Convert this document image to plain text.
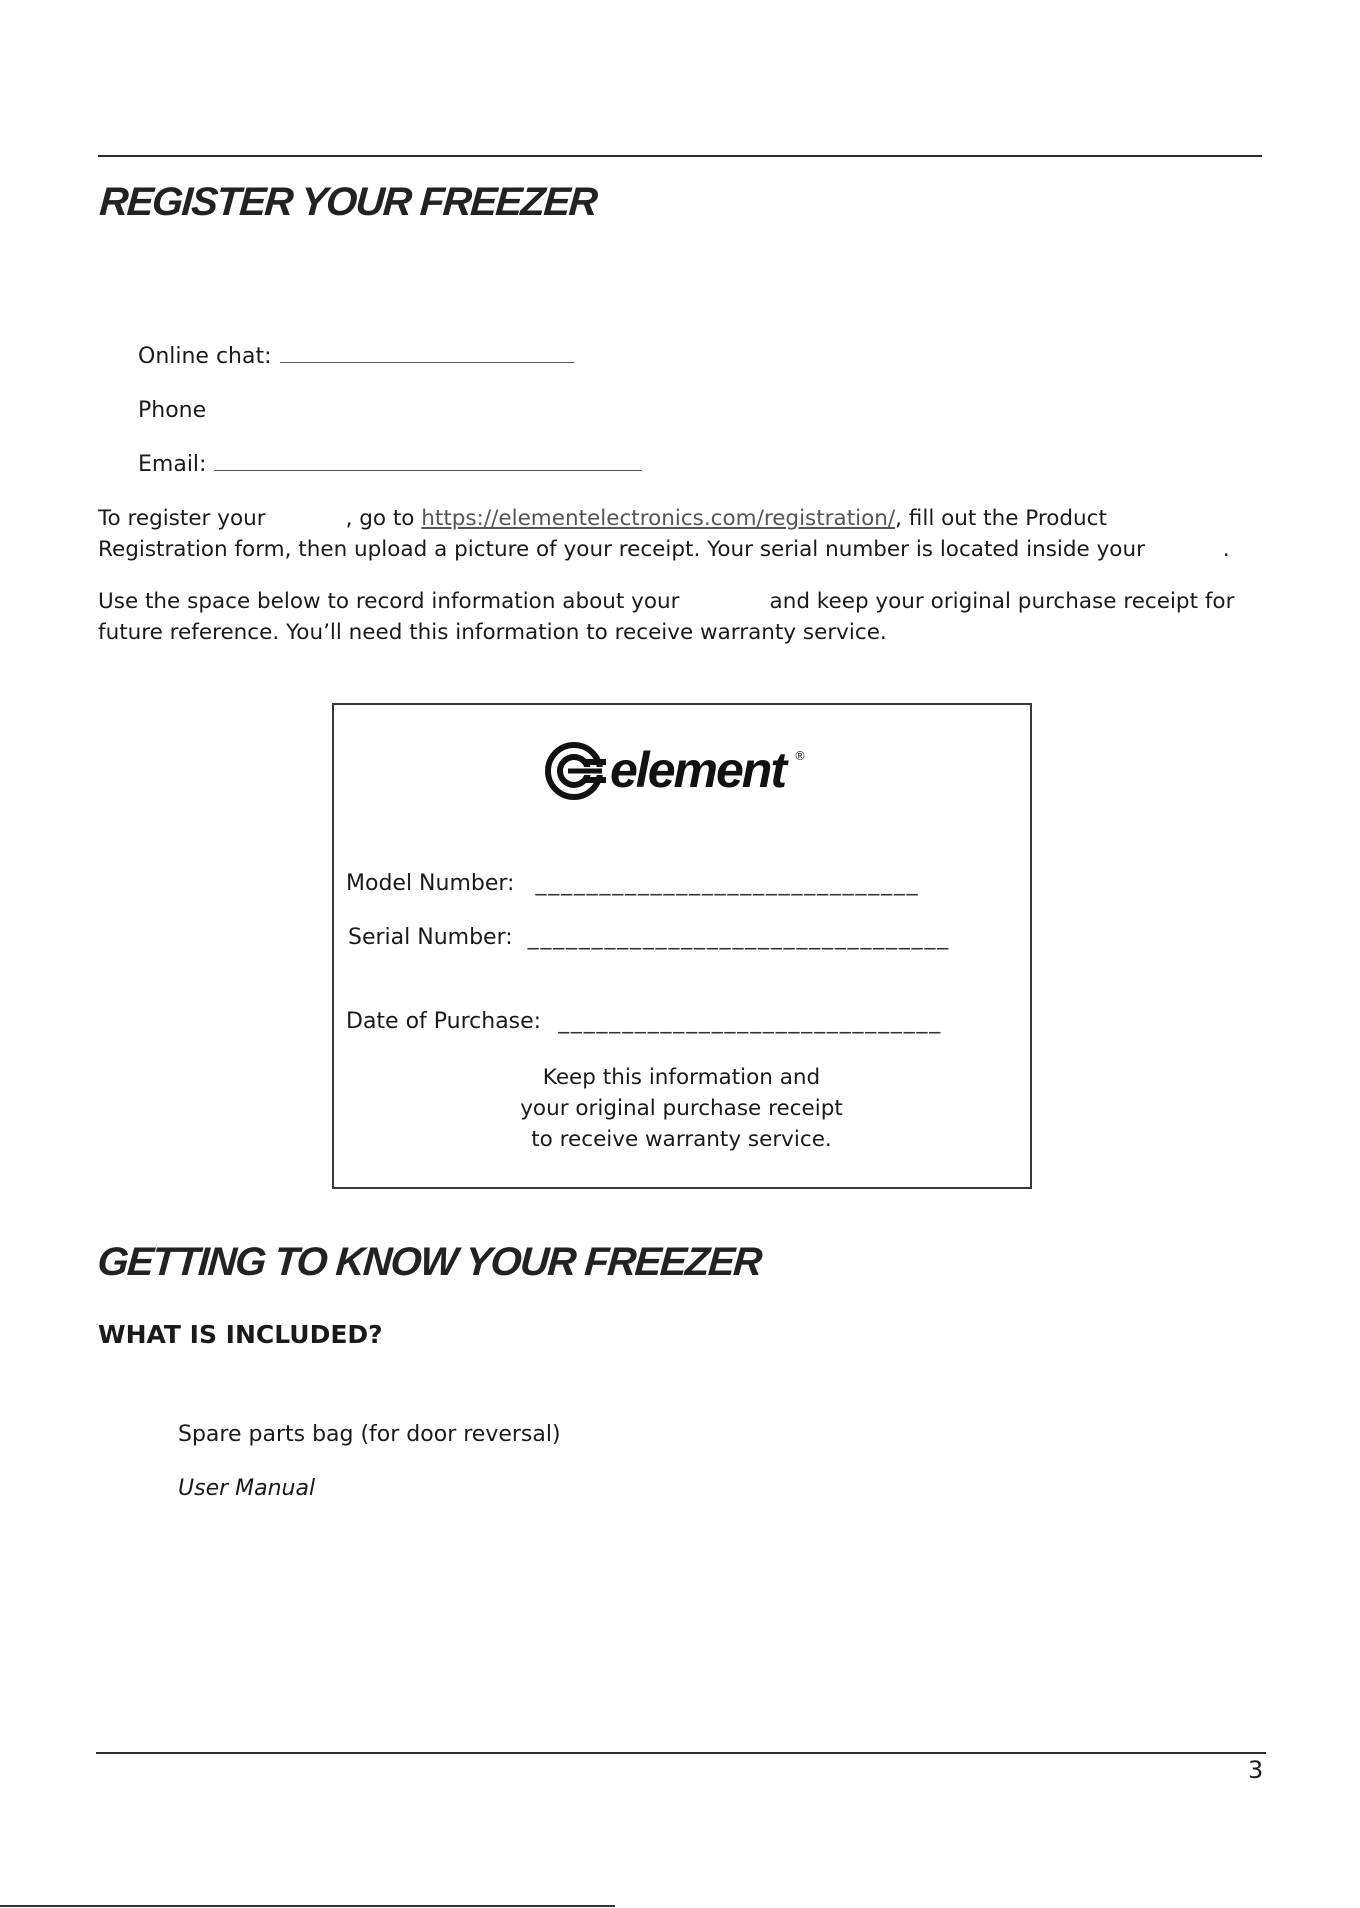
REGISTER YOUR FREEZER
Online chat:
Phone
Email:
To register your	, go to https://elementelectronics.com/registration/, fill out the Product
Registration form, then upload a picture of your receipt. Your serial number is located inside your	.
Use the space below to record information about your	and keep your original purchase receipt for
future reference. You’ll need this information to receive warranty service.
element ®
Model Number: ______________________________
Serial Number: _________________________________
Date of Purchase: ______________________________
Keep this information and
your original purchase receipt
to receive warranty service.
GETTING TO KNOW YOUR FREEZER
WHAT IS INCLUDED?
Spare parts bag (for door reversal)
User Manual
3
